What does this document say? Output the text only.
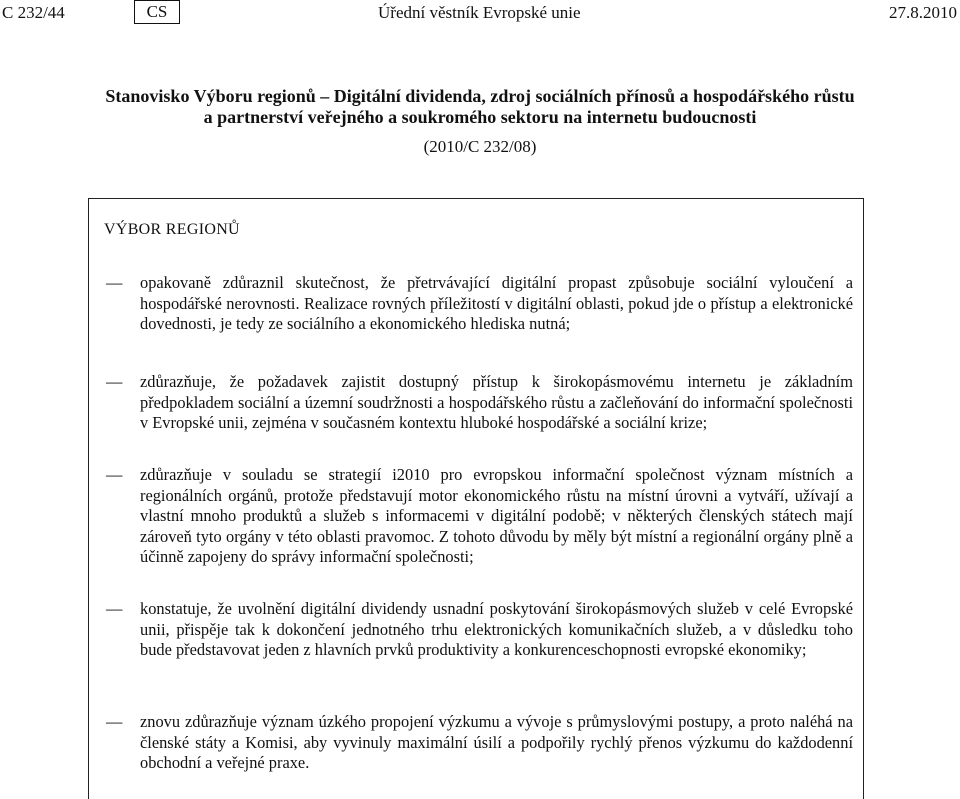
C 232/44	CS	Úřední věstník Evropské unie	27.8.2010
Stanovisko Výboru regionů – Digitální dividenda, zdroj sociálních přínosů a hospodářského růstu
a partnerství veřejného a soukromého sektoru na internetu budoucnosti
(2010/C 232/08)
VÝBOR REGIONŮ
—	opakovaně zdůraznil skutečnost, že přetrvávající digitální propast způsobuje sociální vyloučení a hospodářské nerovnosti. Realizace rovných příležitostí v digitální oblasti, pokud jde o přístup a elektronické dovednosti, je tedy ze sociálního a ekonomického hlediska nutná;
—	zdůrazňuje, že požadavek zajistit dostupný přístup k širokopásmovému internetu je základním předpokladem sociální a územní soudržnosti a hospodářského růstu a začleňování do informační společnosti v Evropské unii, zejména v současném kontextu hluboké hospodářské a sociální krize;
—	zdůrazňuje v souladu se strategií i2010 pro evropskou informační společnost význam místních a regionálních orgánů, protože představují motor ekonomického růstu na místní úrovni a vytváří, užívají a vlastní mnoho produktů a služeb s informacemi v digitální podobě; v některých členských státech mají zároveň tyto orgány v této oblasti pravomoc. Z tohoto důvodu by měly být místní a regionální orgány plně a účinně zapojeny do správy informační společnosti;
—	konstatuje, že uvolnění digitální dividendy usnadní poskytování širokopásmových služeb v celé Evropské unii, přispěje tak k dokončení jednotného trhu elektronických komunikačních služeb, a v důsledku toho bude představovat jeden z hlavních prvků produktivity a konkurenceschopnosti evropské ekonomiky;
—	znovu zdůrazňuje význam úzkého propojení výzkumu a vývoje s průmyslovými postupy, a proto naléhá na členské státy a Komisi, aby vyvinuly maximální úsilí a podpořily rychlý přenos výzkumu do každodenní obchodní a veřejné praxe.
